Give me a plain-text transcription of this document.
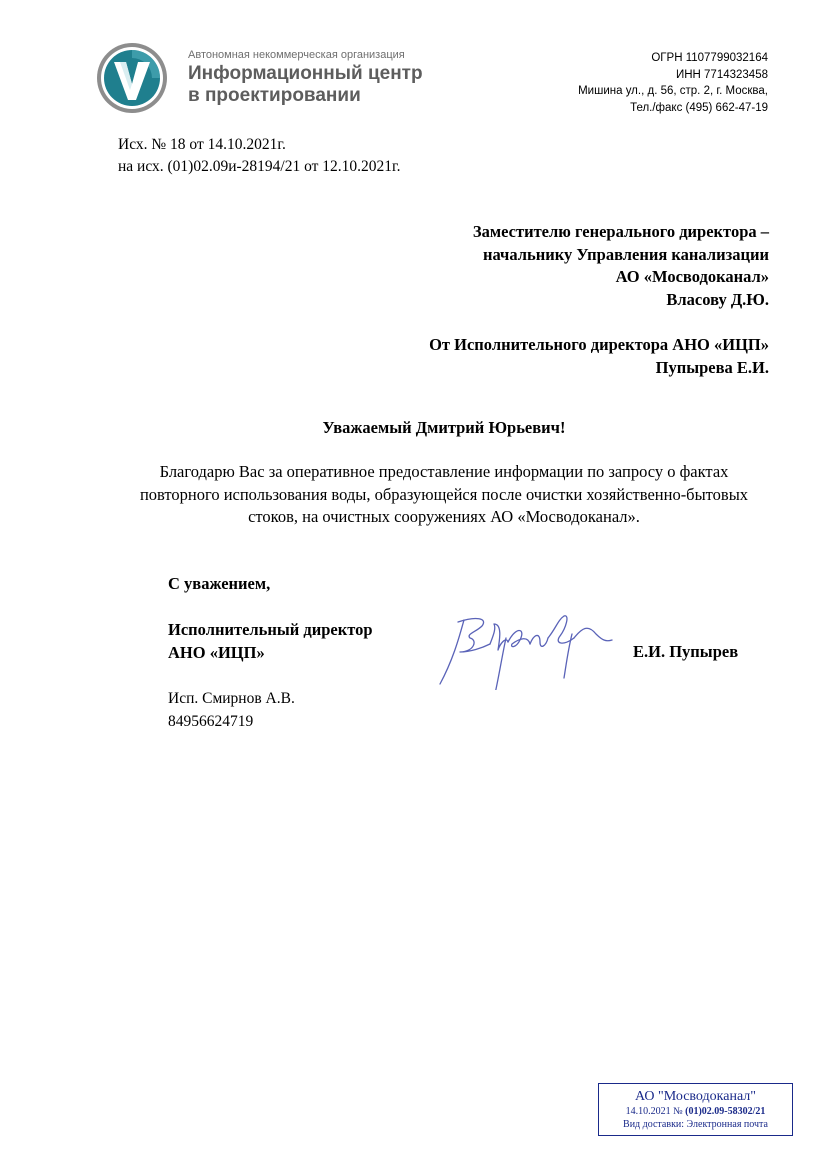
Автономная некоммерческая организация
Информационный центр
в проектировании
ОГРН 1107799032164
ИНН 7714323458
Мишина ул., д. 56, стр. 2, г. Москва,
Тел./факс (495) 662-47-19
Исх. № 18 от 14.10.2021г.
на исх. (01)02.09и-28194/21 от 12.10.2021г.
Заместителю генерального директора –
начальнику Управления канализации
АО «Мосводоканал»
Власову Д.Ю.
От Исполнительного директора АНО «ИЦП»
Пупырева Е.И.
Уважаемый Дмитрий Юрьевич!
Благодарю Вас за оперативное предоставление информации по запросу о фактах повторного использования воды, образующейся после очистки хозяйственно-бытовых стоков, на очистных сооружениях АО «Мосводоканал».
С уважением,
Исполнительный директор
АНО «ИЦП»	Е.И. Пупырев
Исп. Смирнов А.В.
84956624719
АО "Мосводоканал"
14.10.2021 № (01)02.09-58302/21
Вид доставки: Электронная почта
